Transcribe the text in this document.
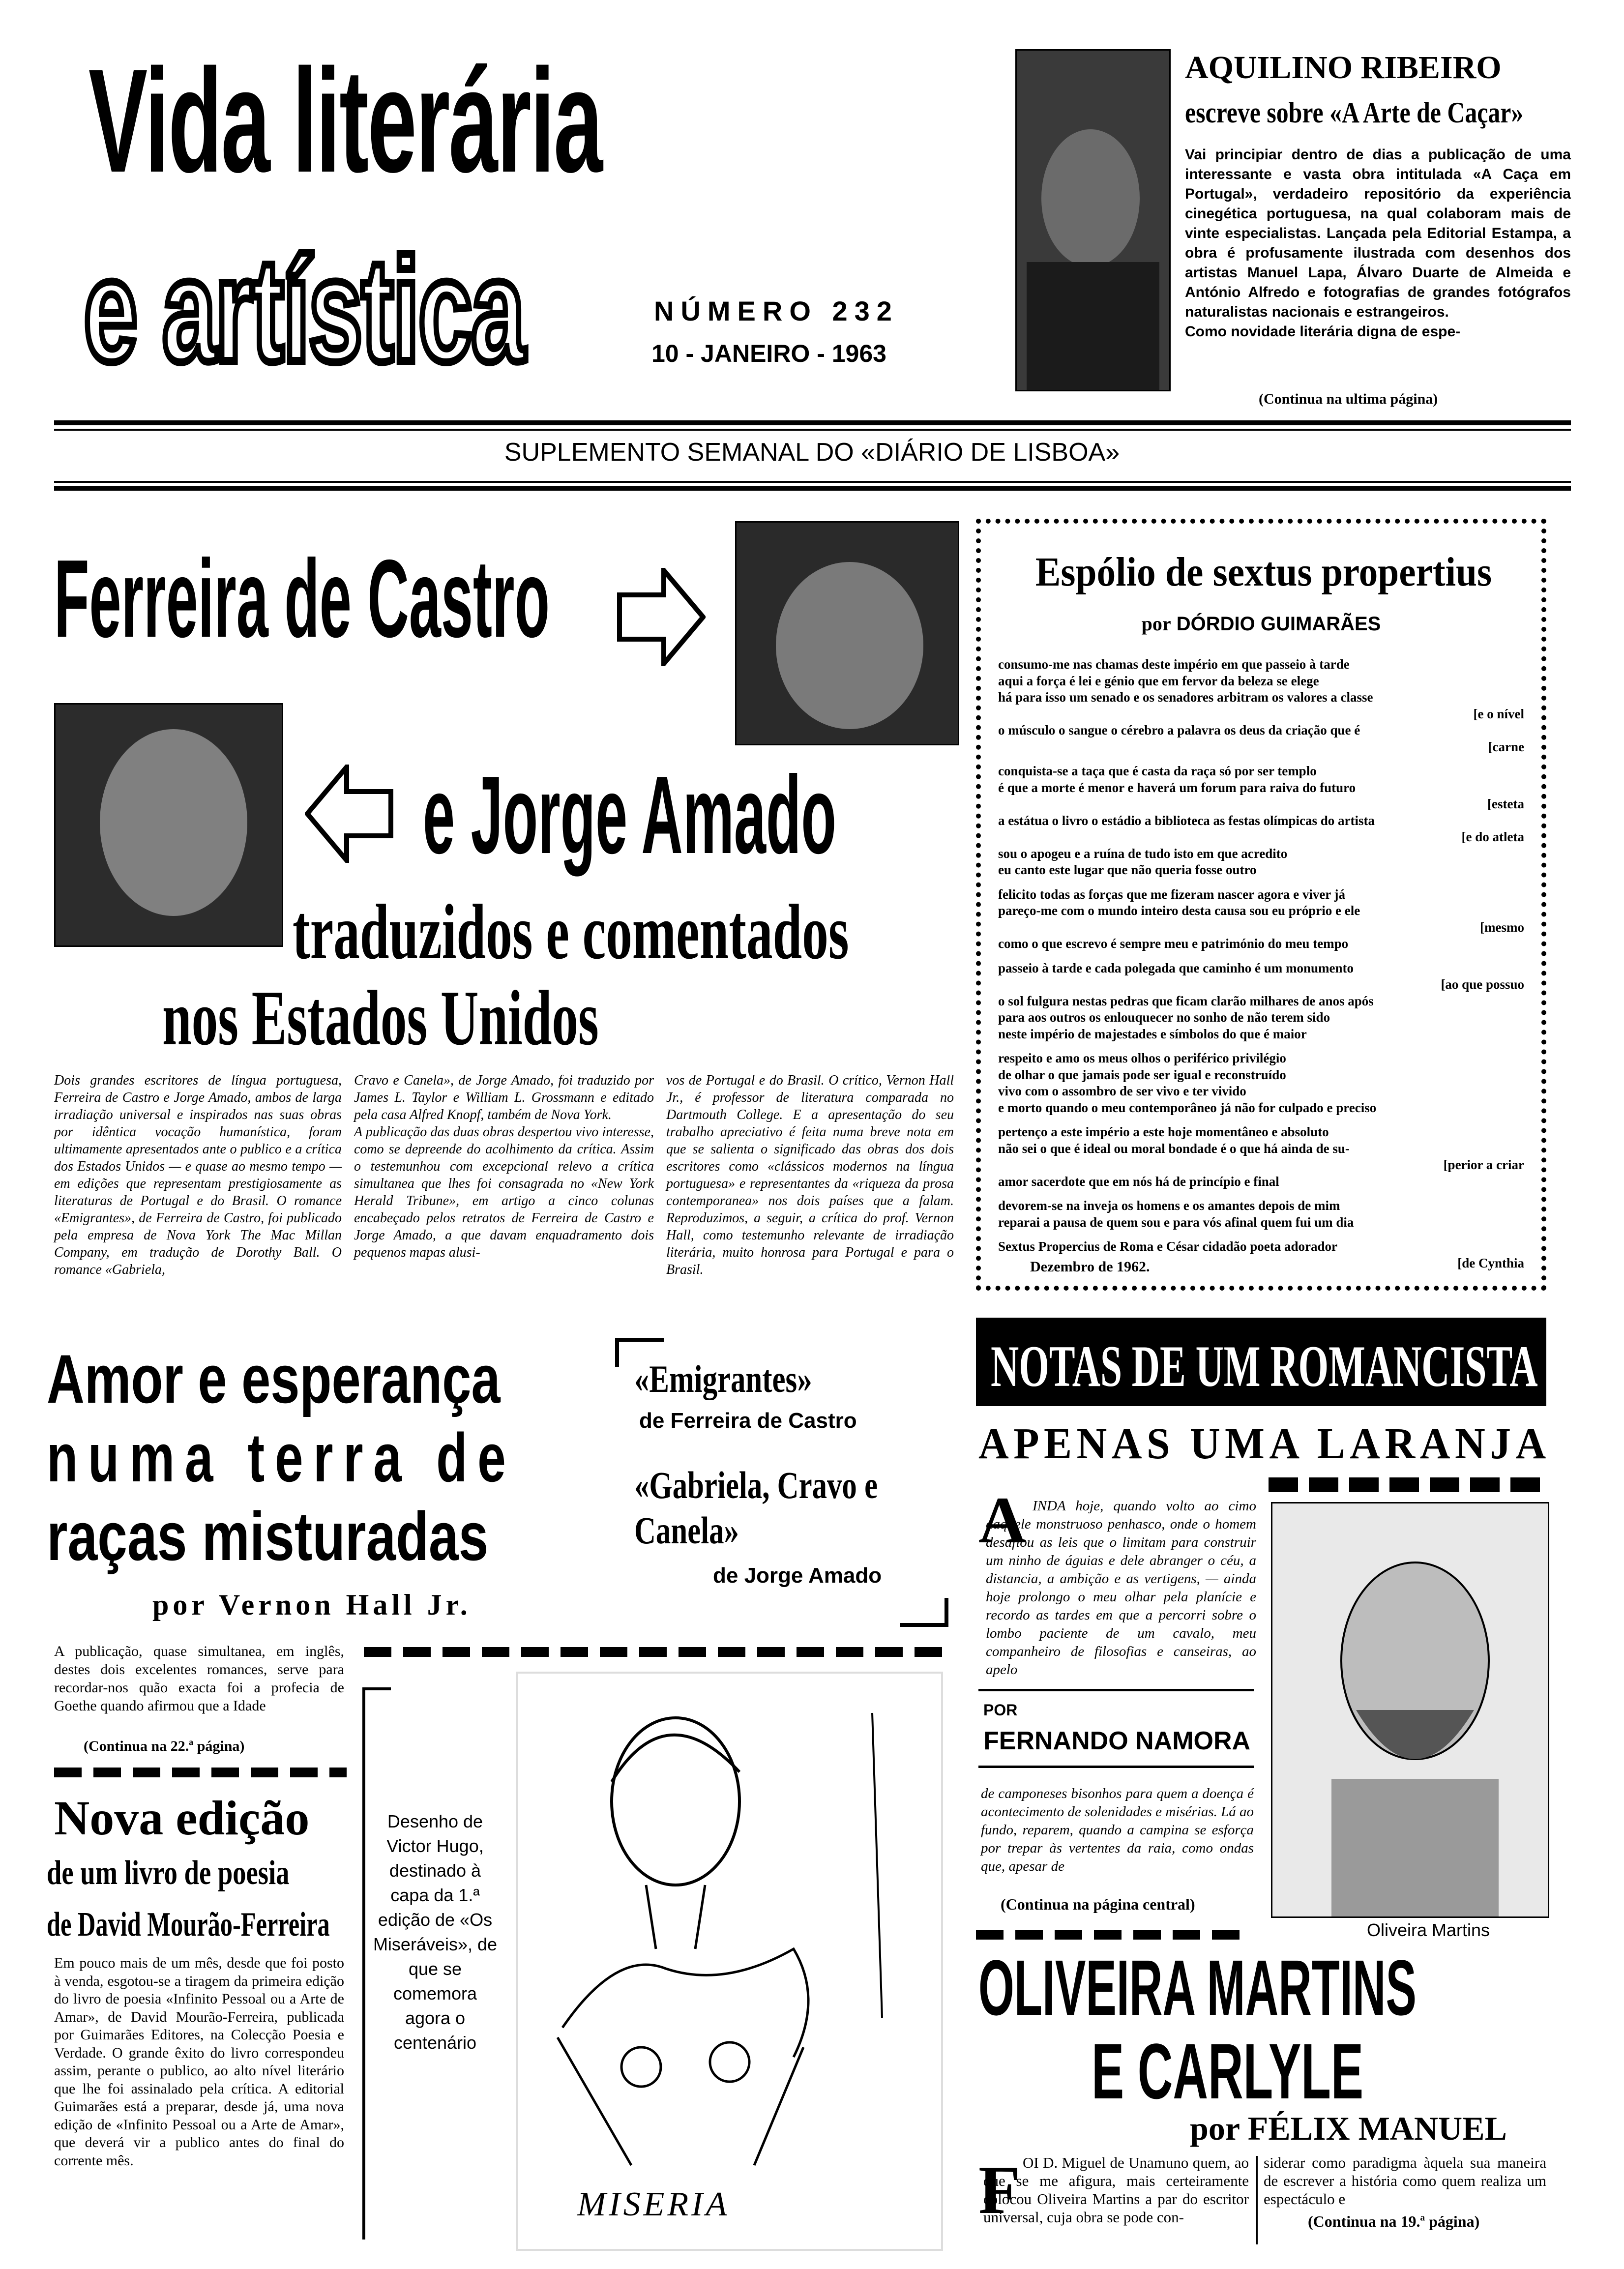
Vida literária
e artística	NÚMERO 232
10 - JANEIRO - 1963
AQUILINO RIBEIRO
escreve sobre «A Arte de Caçar»

Vai principiar dentro de dias a publicação de uma interessante e vasta obra intitulada «A Caça em Portugal», verdadeiro repositório da experiência cinegética portuguesa, na qual colaboram mais de vinte especialistas. Lançada pela Editorial Estampa, a obra é profusamente ilustrada com desenhos dos artistas Manuel Lapa, Álvaro Duarte de Almeida e António Alfredo e fotografias de grandes fotógrafos naturalistas nacionais e estrangeiros.
Como novidade literária digna de espe-

(Continua na ultima página)
SUPLEMENTO SEMANAL DO «DIÁRIO DE LISBOA»
Ferreira de Castro
e Jorge Amado
traduzidos e comentados
nos Estados Unidos

Dois grandes escritores de língua portuguesa, Ferreira de Castro e Jorge Amado, ambos de larga irradiação universal e inspirados nas suas obras por idêntica vocação humanística, foram ultimamente apresentados ante o publico e a crítica dos Estados Unidos — e quase ao mesmo tempo — em edições que representam prestigiosamente as literaturas de Portugal e do Brasil. O romance «Emigrantes», de Ferreira de Castro, foi publicado pela empresa de Nova York The Mac Millan Company, em tradução de Dorothy Ball. O romance «Gabriela,

Cravo e Canela», de Jorge Amado, foi traduzido por James L. Taylor e William L. Grossmann e editado pela casa Alfred Knopf, também de Nova York.
A publicação das duas obras despertou vivo interesse, como se depreende do acolhimento da crítica. Assim o testemunhou com excepcional relevo a crítica simultanea que lhes foi consagrada no «New York Herald Tribune», em artigo a cinco colunas encabeçado pelos retratos de Ferreira de Castro e Jorge Amado, a que davam enquadramento dois pequenos mapas alusi-

vos de Portugal e do Brasil. O crítico, Vernon Hall Jr., é professor de literatura comparada no Dartmouth College. E a apresentação do seu trabalho apreciativo é feita numa breve nota em que se salienta o significado das obras dos dois escritores como «clássicos modernos na língua portuguesa» e representantes da «riqueza da prosa contemporanea» nos dois países que a falam. Reproduzimos, a seguir, a crítica do prof. Vernon Hall, como testemunho relevante de irradiação literária, muito honrosa para Portugal e para o Brasil.

Espólio de sextus propertius
por DÓRDIO GUIMARÃES
consumo-me nas chamas deste império em que passeio à tarde
aqui a força é lei e génio que em fervor da beleza se elege
há para isso um senado e os senadores arbitram os valores a classe
[e o nível
o músculo o sangue o cérebro a palavra os deus da criação que é
[carne
conquista-se a taça que é casta da raça só por ser templo
é que a morte é menor e haverá um forum para raiva do futuro
[esteta
a estátua o livro o estádio a biblioteca as festas olímpicas do artista
[e do atleta
sou o apogeu e a ruína de tudo isto em que acredito
eu canto este lugar que não queria fosse outro
felicito todas as forças que me fizeram nascer agora e viver já
pareço-me com o mundo inteiro desta causa sou eu próprio e ele
[mesmo
como o que escrevo é sempre meu e património do meu tempo
passeio à tarde e cada polegada que caminho é um monumento
[ao que possuo
o sol fulgura nestas pedras que ficam clarão milhares de anos após
para aos outros os enlouquecer no sonho de não terem sido
neste império de majestades e símbolos do que é maior
respeito e amo os meus olhos o periférico privilégio
de olhar o que jamais pode ser igual e reconstruído
vivo com o assombro de ser vivo e ter vivido
e morto quando o meu contemporâneo já não for culpado e preciso
pertenço a este império a este hoje momentâneo e absoluto
não sei o que é ideal ou moral bondade é o que há ainda de su-
[perior a criar
amor sacerdote que em nós há de princípio e final
devorem-se na inveja os homens e os amantes depois de mim
reparai a pausa de quem sou e para vós afinal quem fui um dia
Sextus Propercius de Roma e César cidadão poeta adorador
[de Cynthia
Dezembro de 1962.
Amor e esperança
numa terra de
raças misturadas
por Vernon Hall Jr.

A publicação, quase simultanea, em inglês, destes dois excelentes romances, serve para recordar-nos quão exacta foi a profecia de Goethe quando afirmou que a Idade

(Continua na 22.ª página)
«Emigrantes»
de Ferreira de Castro
«Gabriela, Cravo e Canela»
de Jorge Amado
Nova edição
de um livro de poesia
de David Mourão-Ferreira

Em pouco mais de um mês, desde que foi posto à venda, esgotou-se a tiragem da primeira edição do livro de poesia «Infinito Pessoal ou a Arte de Amar», de David Mourão-Ferreira, publicada por Guimarães Editores, na Colecção Poesia e Verdade. O grande êxito do livro correspondeu assim, perante o publico, ao alto nível literário que lhe foi assinalado pela crítica. A editorial Guimarães está a preparar, desde já, uma nova edição de «Infinito Pessoal ou a Arte de Amar», que deverá vir a publico antes do final do corrente mês.

Desenho de Victor Hugo, destinado à capa da 1.ª edição de «Os Miseráveis», de que se comemora agora o centenário

MISERIA
NOTAS DE UM ROMANCISTA
APENAS UMA LARANJA
A INDA hoje, quando volto ao cimo daquele monstruoso penhasco, onde o homem desafiou as leis que o limitam para construir um ninho de águias e dele abranger o céu, a distancia, a ambição e as vertigens, — ainda hoje prolongo o meu olhar pela planície e recordo as tardes em que a percorri sobre o lombo paciente de um cavalo, meu companheiro de filosofias e canseiras, ao apelo

POR
FERNANDO NAMORA

de camponeses bisonhos para quem a doença é acontecimento de solenidades e misérias. Lá ao fundo, reparem, quando a campina se esforça por trepar às vertentes da raia, como ondas que, apesar de

(Continua na página central)
Oliveira Martins
OLIVEIRA MARTINS
E CARLYLE
por FÉLIX MANUEL
F OI D. Miguel de Unamuno quem, ao que se me afigura, mais certeiramente colocou Oliveira Martins a par do escritor universal, cuja obra se pode con-

siderar como paradigma àquela sua maneira de escrever a história como quem realiza um espectáculo e

(Continua na 19.ª página)
